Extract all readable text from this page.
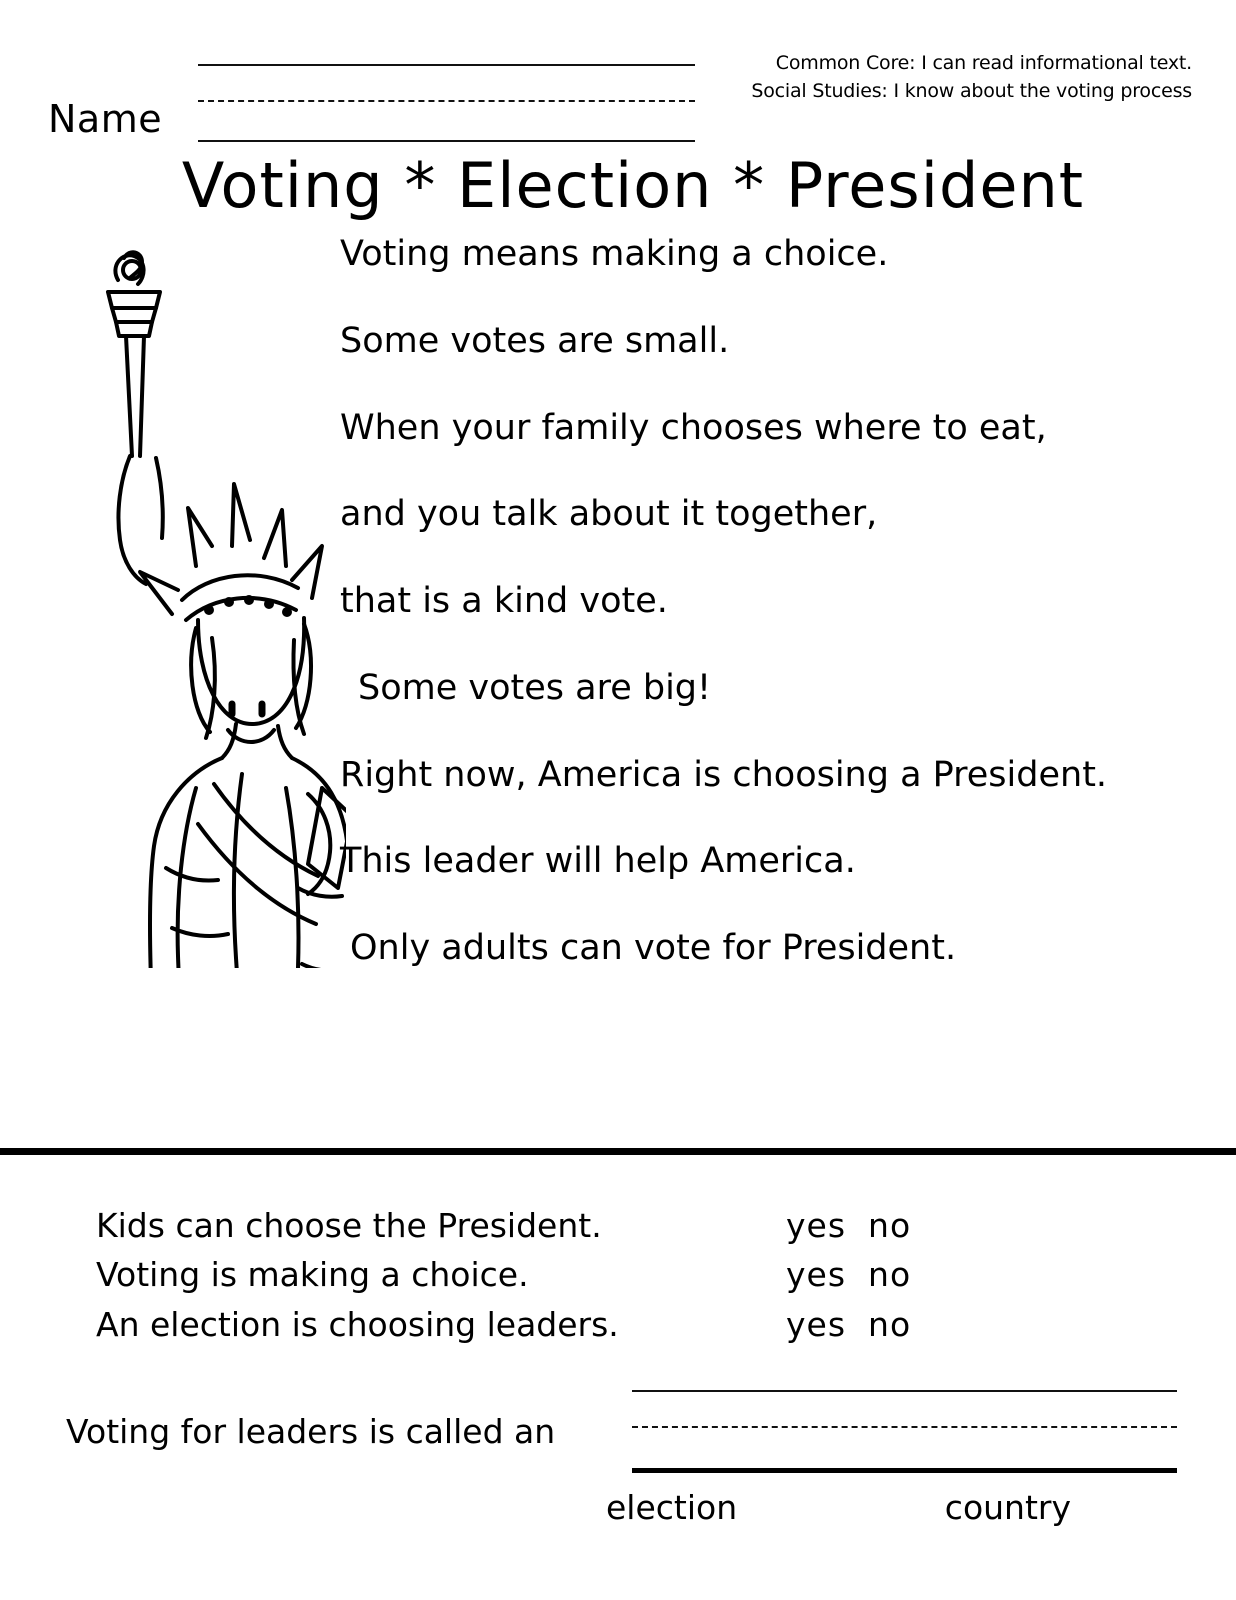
Name
Common Core: I can read informational text.
Social Studies: I know about the voting process
Voting * Election * President
Voting means making a choice.
Some votes are small.
When your family chooses where to eat,
and you talk about it together,
that is a kind vote.
Some votes are big!
Right now, America is choosing a President.
This leader will help America.
Only adults can vote for President.
Kids can choose the President.	yes no
Voting is making a choice.	yes no
An election is choosing leaders.	yes no
Voting for leaders is called an
election	country
